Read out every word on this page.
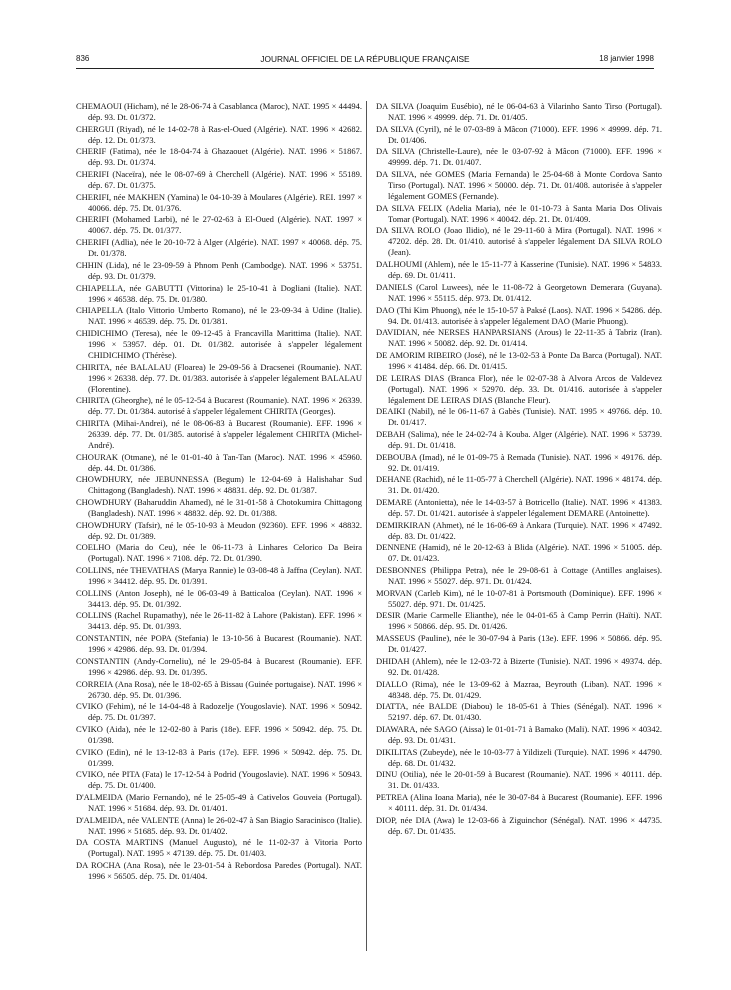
836	JOURNAL OFFICIEL DE LA RÉPUBLIQUE FRANÇAISE	18 janvier 1998

CHEMAOUI (Hicham), né le 28-06-74 à Casablanca (Maroc), NAT. 1995 × 44494. dép. 93. Dt. 01/372.

CHERGUI (Riyad), né le 14-02-78 à Ras-el-Oued (Algérie). NAT. 1996 × 42682. dép. 12. Dt. 01/373.

CHERIF (Fatima), née le 18-04-74 à Ghazaouet (Algérie). NAT. 1996 × 51867. dép. 93. Dt. 01/374.

CHERIFI (Naceïra), née le 08-07-69 à Cherchell (Algérie). NAT. 1996 × 55189. dép. 67. Dt. 01/375.

CHERIFI, née MAKHEN (Yamina) le 04-10-39 à Moulares (Algérie). REI. 1997 × 40066. dép. 75. Dt. 01/376.

CHERIFI (Mohamed Larbi), né le 27-02-63 à El-Oued (Algérie). NAT. 1997 × 40067. dép. 75. Dt. 01/377.

CHERIFI (Adlia), née le 20-10-72 à Alger (Algérie). NAT. 1997 × 40068. dép. 75. Dt. 01/378.

CHHIN (Lida), né le 23-09-59 à Phnom Penh (Cambodge). NAT. 1996 × 53751. dép. 93. Dt. 01/379.

CHIAPELLA, née GABUTTI (Vittorina) le 25-10-41 à Dogliani (Italie). NAT. 1996 × 46538. dép. 75. Dt. 01/380.

CHIAPELLA (Italo Vittorio Umberto Romano), né le 23-09-34 à Udine (Italie). NAT. 1996 × 46539. dép. 75. Dt. 01/381.

CHIDICHIMO (Teresa), née le 09-12-45 à Francavilla Marittima (Italie). NAT. 1996 × 53957. dép. 01. Dt. 01/382. autorisée à s'appeler légalement CHIDICHIMO (Thérèse).

CHIRITA, née BALALAU (Floarea) le 29-09-56 à Dracsenei (Roumanie). NAT. 1996 × 26338. dép. 77. Dt. 01/383. autorisée à s'appeler légalement BALALAU (Florentine).

CHIRITA (Gheorghe), né le 05-12-54 à Bucarest (Roumanie). NAT. 1996 × 26339. dép. 77. Dt. 01/384. autorisé à s'appeler légalement CHIRITA (Georges).

CHIRITA (Mihai-Andrei), né le 08-06-83 à Bucarest (Roumanie). EFF. 1996 × 26339. dép. 77. Dt. 01/385. autorisé à s'appeler légalement CHIRITA (Michel-André).

CHOURAK (Otmane), né le 01-01-40 à Tan-Tan (Maroc). NAT. 1996 × 45960. dép. 44. Dt. 01/386.

CHOWDHURY, née JEBUNNESSA (Begum) le 12-04-69 à Halishahar Sud Chittagong (Bangladesh). NAT. 1996 × 48831. dép. 92. Dt. 01/387.

CHOWDHURY (Baharuddin Ahamed), né le 31-01-58 à Chotokumira Chittagong (Bangladesh). NAT. 1996 × 48832. dép. 92. Dt. 01/388.

CHOWDHURY (Tafsir), né le 05-10-93 à Meudon (92360). EFF. 1996 × 48832. dép. 92. Dt. 01/389.

COELHO (Maria do Ceu), née le 06-11-73 à Linhares Celorico Da Beira (Portugal). NAT. 1996 × 7108. dép. 72. Dt. 01/390.

COLLINS, née THEVATHAS (Marya Rannie) le 03-08-48 à Jaffna (Ceylan). NAT. 1996 × 34412. dép. 95. Dt. 01/391.

COLLINS (Anton Joseph), né le 06-03-49 à Batticaloa (Ceylan). NAT. 1996 × 34413. dép. 95. Dt. 01/392.

COLLINS (Rachel Rupamathy), née le 26-11-82 à Lahore (Pakistan). EFF. 1996 × 34413. dép. 95. Dt. 01/393.

CONSTANTIN, née POPA (Stefania) le 13-10-56 à Bucarest (Roumanie). NAT. 1996 × 42986. dép. 93. Dt. 01/394.

CONSTANTIN (Andy-Corneliu), né le 29-05-84 à Bucarest (Roumanie). EFF. 1996 × 42986. dép. 93. Dt. 01/395.

CORREIA (Ana Rosa), née le 18-02-65 à Bissau (Guinée portugaise). NAT. 1996 × 26730. dép. 95. Dt. 01/396.

CVIKO (Fehim), né le 14-04-48 à Radozelje (Yougoslavie). NAT. 1996 × 50942. dép. 75. Dt. 01/397.

CVIKO (Aida), née le 12-02-80 à Paris (18e). EFF. 1996 × 50942. dép. 75. Dt. 01/398.

CVIKO (Edin), né le 13-12-83 à Paris (17e). EFF. 1996 × 50942. dép. 75. Dt. 01/399.

CVIKO, née PITA (Fata) le 17-12-54 à Podrid (Yougoslavie). NAT. 1996 × 50943. dép. 75. Dt. 01/400.

D'ALMEIDA (Mario Fernando), né le 25-05-49 à Cativelos Gouveia (Portugal). NAT. 1996 × 51684. dép. 93. Dt. 01/401.

D'ALMEIDA, née VALENTE (Anna) le 26-02-47 à San Biagio Saracinisco (Italie). NAT. 1996 × 51685. dép. 93. Dt. 01/402.

DA COSTA MARTINS (Manuel Augusto), né le 11-02-37 à Vitoria Porto (Portugal). NAT. 1995 × 47139. dép. 75. Dt. 01/403.

DA ROCHA (Ana Rosa), née le 23-01-54 à Rebordosa Paredes (Portugal). NAT. 1996 × 56505. dép. 75. Dt. 01/404.

DA SILVA (Joaquim Eusébio), né le 06-04-63 à Vilarinho Santo Tirso (Portugal). NAT. 1996 × 49999. dép. 71. Dt. 01/405.

DA SILVA (Cyril), né le 07-03-89 à Mâcon (71000). EFF. 1996 × 49999. dép. 71. Dt. 01/406.

DA SILVA (Christelle-Laure), née le 03-07-92 à Mâcon (71000). EFF. 1996 × 49999. dép. 71. Dt. 01/407.

DA SILVA, née GOMES (Maria Fernanda) le 25-04-68 à Monte Cordova Santo Tirso (Portugal). NAT. 1996 × 50000. dép. 71. Dt. 01/408. autorisée à s'appeler légalement GOMES (Fernande).

DA SILVA FELIX (Adelia Maria), née le 01-10-73 à Santa Maria Dos Olivais Tomar (Portugal). NAT. 1996 × 40042. dép. 21. Dt. 01/409.

DA SILVA ROLO (Joao Ilidio), né le 29-11-60 à Mira (Portugal). NAT. 1996 × 47202. dép. 28. Dt. 01/410. autorisé à s'appeler légalement DA SILVA ROLO (Jean).

DALHOUMI (Ahlem), née le 15-11-77 à Kasserine (Tunisie). NAT. 1996 × 54833. dép. 69. Dt. 01/411.

DANIELS (Carol Luwees), née le 11-08-72 à Georgetown Demerara (Guyana). NAT. 1996 × 55115. dép. 973. Dt. 01/412.

DAO (Thi Kim Phuong), née le 15-10-57 à Paksé (Laos). NAT. 1996 × 54286. dép. 94. Dt. 01/413. autorisée à s'appeler légalement DAO (Marie Phuong).

DAVIDIAN, née NERSES HANPARSIANS (Arous) le 22-11-35 à Tabriz (Iran). NAT. 1996 × 50082. dép. 92. Dt. 01/414.

DE AMORIM RIBEIRO (José), né le 13-02-53 à Ponte Da Barca (Portugal). NAT. 1996 × 41484. dép. 66. Dt. 01/415.

DE LEIRAS DIAS (Branca Flor), née le 02-07-38 à Alvora Arcos de Valdevez (Portugal). NAT. 1996 × 52970. dép. 33. Dt. 01/416. autorisée à s'appeler légalement DE LEIRAS DIAS (Blanche Fleur).

DEAIKI (Nabil), né le 06-11-67 à Gabès (Tunisie). NAT. 1995 × 49766. dép. 10. Dt. 01/417.

DEBAH (Salima), née le 24-02-74 à Kouba. Alger (Algérie). NAT. 1996 × 53739. dép. 91. Dt. 01/418.

DEBOUBA (Imad), né le 01-09-75 à Remada (Tunisie). NAT. 1996 × 49176. dép. 92. Dt. 01/419.

DEHANE (Rachid), né le 11-05-77 à Cherchell (Algérie). NAT. 1996 × 48174. dép. 31. Dt. 01/420.

DEMARE (Antonietta), née le 14-03-57 à Botricello (Italie). NAT. 1996 × 41383. dép. 57. Dt. 01/421. autorisée à s'appeler légalement DEMARE (Antoinette).

DEMIRKIRAN (Ahmet), né le 16-06-69 à Ankara (Turquie). NAT. 1996 × 47492. dép. 83. Dt. 01/422.

DENNENE (Hamid), né le 20-12-63 à Blida (Algérie). NAT. 1996 × 51005. dép. 07. Dt. 01/423.

DESBONNES (Philippa Petra), née le 29-08-61 à Cottage (Antilles anglaises). NAT. 1996 × 55027. dép. 971. Dt. 01/424.

MORVAN (Carleb Kim), né le 10-07-81 à Portsmouth (Dominique). EFF. 1996 × 55027. dép. 971. Dt. 01/425.

DESIR (Marie Carmelle Elianthe), née le 04-01-65 à Camp Perrin (Haïti). NAT. 1996 × 50866. dép. 95. Dt. 01/426.

MASSEUS (Pauline), née le 30-07-94 à Paris (13e). EFF. 1996 × 50866. dép. 95. Dt. 01/427.

DHIDAH (Ahlem), née le 12-03-72 à Bizerte (Tunisie). NAT. 1996 × 49374. dép. 92. Dt. 01/428.

DIALLO (Rima), née le 13-09-62 à Mazraa, Beyrouth (Liban). NAT. 1996 × 48348. dép. 75. Dt. 01/429.

DIATTA, née BALDE (Diabou) le 18-05-61 à Thies (Sénégal). NAT. 1996 × 52197. dép. 67. Dt. 01/430.

DIAWARA, née SAGO (Aissa) le 01-01-71 à Bamako (Mali). NAT. 1996 × 40342. dép. 93. Dt. 01/431.

DIKILITAS (Zubeyde), née le 10-03-77 à Yildizeli (Turquie). NAT. 1996 × 44790. dép. 68. Dt. 01/432.

DINU (Otilia), née le 20-01-59 à Bucarest (Roumanie). NAT. 1996 × 40111. dép. 31. Dt. 01/433.

PETREA (Alina Ioana Maria), née le 30-07-84 à Bucarest (Roumanie). EFF. 1996 × 40111. dép. 31. Dt. 01/434.

DIOP, née DIA (Awa) le 12-03-66 à Ziguinchor (Sénégal). NAT. 1996 × 44735. dép. 67. Dt. 01/435.
